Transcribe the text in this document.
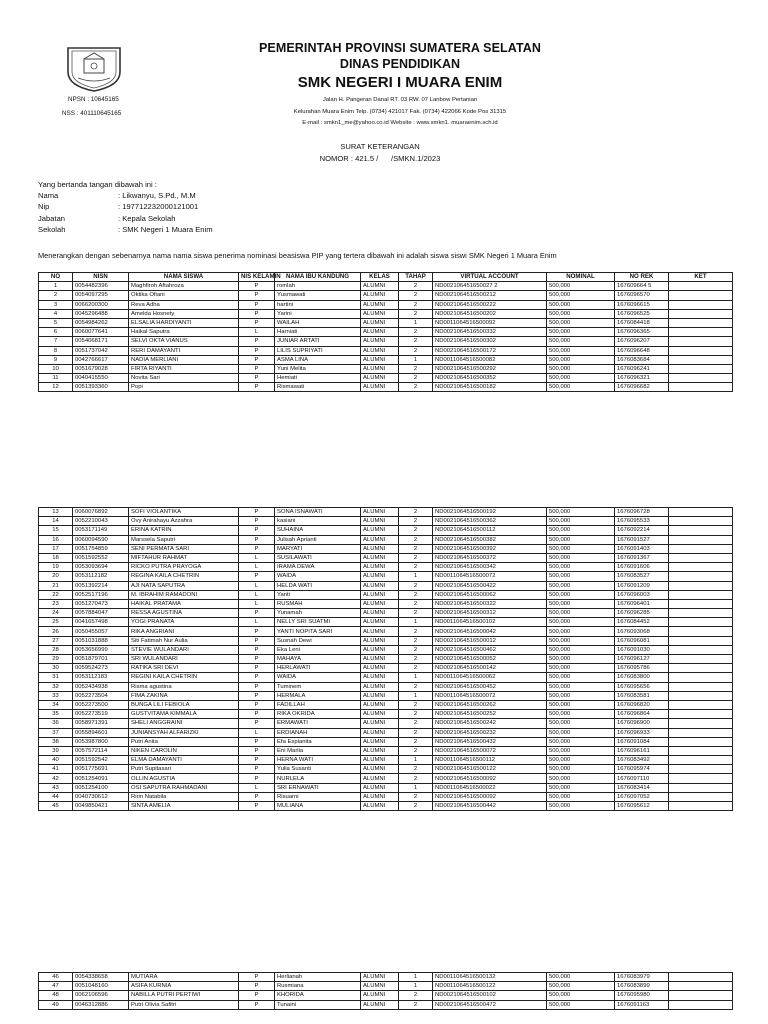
NPSN : 10645165
NSS : 401110645165
PEMERINTAH PROVINSI SUMATERA SELATAN
DINAS PENDIDIKAN
SMK NEGERI I MUARA ENIM
Jalan H. Pangeran Danal RT. 03 RW. 07 Lanbow Pertanian
Kelurahan Muara Enim Telp. (0734) 421017 Fak. (0734) 422066 Kode Pos 31315
E-mail : smkn1_me@yahoo.co.id Website : www.smkn1. muaraenim.sch.id
SURAT KETERANGAN
NOMOR : 421.5 /      /SMKN.1/2023
Yang bertanda tangan dibawah ini :
Nama	: Likwanyu, S.Pd., M.M
Nip	: 197712232000121001
Jabatan	: Kepala Sekolah
Sekolah	: SMK Negeri 1 Muara Enim
Menerangkan dengan sebenarnya nama nama siswa penerima nominasi beasiswa PIP yang tertera dibawah ini adalah siswa siswi SMK Negeri 1 Muara Enim
NO	NISN	NAMA SISWA	NIS KELAMIN	NAMA IBU KANDUNG	KELAS	TAHAP	VIRTUAL ACCOUNT	NOMINAL	NO REK	KET
1	0054482396	Maghfiroh Aftahroza	P	romlah	ALUMNI	2	ND002106451650027 2	500,000	167609664 5	
2	0054097295	Oktika Ofiani	P	Yusmawati	ALUMNI	2	ND0021064516500212	500,000	1676096570	
3	0066200300	Reva Adha	P	hartini	ALUMNI	2	ND0021064516500222	500,000	1676096615	
4	0045296488	Amelda Hosnety	P	Yarini	ALUMNI	2	ND0021064516500202	500,000	1676096525	
5	0054984262	ELSALIA HARDIYANTI	P	WAILAH	ALUMNI	1	ND0011064516500092	500,000	1676084418	
6	0060077641	Haikal Saputra	L	Harniati	ALUMNI	2	ND0021064516500332	500,000	1676096365	
7	0054068171	SELVI OKTA VIANUS	P	JUNIAR ARTATI	ALUMNI	2	ND0021064516500302	500,000	1676096207	
8	0051737042	RERI DAMAYANTI	P	LILIS SUPRIYATI	ALUMNI	2	ND0021064516500172	500,000	1676096648	
9	0042766617	NADIA MERLIANI	P	ASMA LINA	ALUMNI	1	ND0011064516500082	500,000	1676083684	
10	0051679028	FIRTA RIYANTI	P	Yuni Melita	ALUMNI	2	ND0021064516500292	500,000	1676096241	
11	0040415550	Novita Sari	P	Hemiati	ALUMNI	2	ND0021064516500352	500,000	1676096321	
12	0051393360	Popi	P	Rismawati	ALUMNI	2	ND0021064516500182	500,000	1676096682	
13	0060076892	SOFI VIOLANTIKA	P	SONA ISNAWATI	ALUMNI	2	ND0021064516500192	500,000	1676096728	
14	0052210043	Ovy Anirahayu Azzahra	P	kasiani	ALUMNI	2	ND0021064516500362	500,000	1676095533	
15	0053171149	ERINA KATRIN	P	SUHAINA	ALUMNI	2	ND0021064516500112	500,000	1676092214	
16	0060094590	Marssela Saputri	P	Julisah Aprianti	ALUMNI	2	ND0021064516500382	500,000	1676091527	
17	0051754859	SENI PERMATA SARI	P	MARYATI	ALUMNI	2	ND0021064516500392	500,000	1676091403	
18	0051592552	MIFTAHUR RAHMAT	L	SUSILAWATI	ALUMNI	2	ND0021064516500372	500,000	1676091367	
19	0053093694	RICKO PUTRA PRAYOGA	L	IRAMA DEWA	ALUMNI	2	ND0021064516500342	500,000	1676091606	
20	0053112182	REGINA KAILA CHETRIN	P	WAIDA	ALUMNI	1	ND0011064516500072	500,000	1676083527	
21	0051392214	AJI NATA SAPUTRA	L	HELDA WATI	ALUMNI	2	ND0021064516500422	500,000	1676091209	
22	0052517196	M. IBRAHIM RAMADONI	L	Yanti	ALUMNI	2	ND0021064516500062	500,000	1676096003	
23	0051270473	HAIKAL PRATAMA	L	RUSMAH	ALUMNI	2	ND0021064516500322	500,000	1676096401	
24	0057884047	RESSA AGUSTINA	P	Yunamah	ALUMNI	2	ND0021064516500312	500,000	1676096285	
25	0041657498	YOGI PRANATA	L	NELLY SRI SUATMI	ALUMNI	1	ND0011064516500102	500,000	1676084452	
26	0050455057	RIKA ANGRIANI	P	YANTI NOPITA SARI	ALUMNI	2	ND0021064516500042	500,000	1676093068	
27	0051031888	Siti Fatimah Nur Aulia	P	Susnah Dewi	ALUMNI	2	ND0021064516500012	500,000	1676096081	
28	0053656999	STEVIE WULANDARI	P	Eka Leni	ALUMNI	2	ND0021064516500462	500,000	1676091030	
29	0051879701	SRI WULANDARI	P	MAHAYA	ALUMNI	2	ND0021064516500052	500,000	1676096127	
30	0059524273	RATIKA SRI DEVI	P	HERLAWATI	ALUMNI	2	ND0021064516500142	500,000	1676095786	
31	0053112183	REGINI KAILA CHETRIN	P	WAIDA	ALUMNI	1	ND0011064516500062	500,000	1676083800	
32	0052434938	Risma agustina	P	Tuminem	ALUMNI	2	ND0021064516500452	500,000	1676095656	
33	0052273504	FIMA ZAKINA	P	HERMALA	ALUMNI	1	ND0011064516500072	500,000	1676083581	
34	0052273500	BUNGA LILI FEBIOLA	P	FADILLAH	ALUMNI	2	ND0021064516500262	500,000	1676096820	
35	0052273519	GUSTVITAMA KIMMALA	P	RIKA OKRIDA	ALUMNI	2	ND0021064516500252	500,000	1676096864	
36	0058971391	SHELI ANGGRAINI	P	ERMAWATI	ALUMNI	2	ND0021064516500242	500,000	1676096900	
37	0055894601	JUNIANSYAH ALFARIZKI	L	ERDIANAH	ALUMNI	2	ND0021064516500232	500,000	1676096933	
38	0053987800	Putri Anita	P	Efa Espianita	ALUMNI	2	ND0021064516500432	500,000	1676091084	
39	0057572114	NIKEN CAROLIN	P	Eni Marlia	ALUMNI	2	ND0021064516500072	500,000	1676096161	
40	0051592542	ELMA DAMAYANTI	P	HERNA WATI	ALUMNI	1	ND0011064516500112	500,000	1676083492	
41	0051775691	Putri Supitasari	P	Yulia Susanti	ALUMNI	2	ND0021064516500122	500,000	1676095974	
42	0051254091	OLLIN AGUSTIA	P	NURLELA	ALUMNI	2	ND0021064516500092	500,000	1676097110	
43	0051254100	OSI SAPUTRA RAHMADANI	L	SRI ERNAWATI	ALUMNI	1	ND0011064516500022	500,000	1676083414	
44	0040730612	Ririn Natabila	P	Risuarni	ALUMNI	2	ND0021064516500092	500,000	1676097052	
45	0049850421	SINTA AMELIA	P	MULIANA	ALUMNI	2	ND0021064516500442	500,000	1676095612	
46	0054338658	MUTIARA	P	Herlianah	ALUMNI	1	ND0011064516500132	500,000	1676083979	
47	0051048160	ASIFA KURNIA	P	Rusmiana	ALUMNI	1	ND0011064516500122	500,000	1676083899	
48	0062106596	NABILLA PUTRI PERTIWI	P	KHORIDA	ALUMNI	2	ND0021064516500102	500,000	1676095980	
49	0046312886	Putri Olivia Safitri	P	Tunaini	ALUMNI	2	ND0021064516500472	500,000	1676091163	
